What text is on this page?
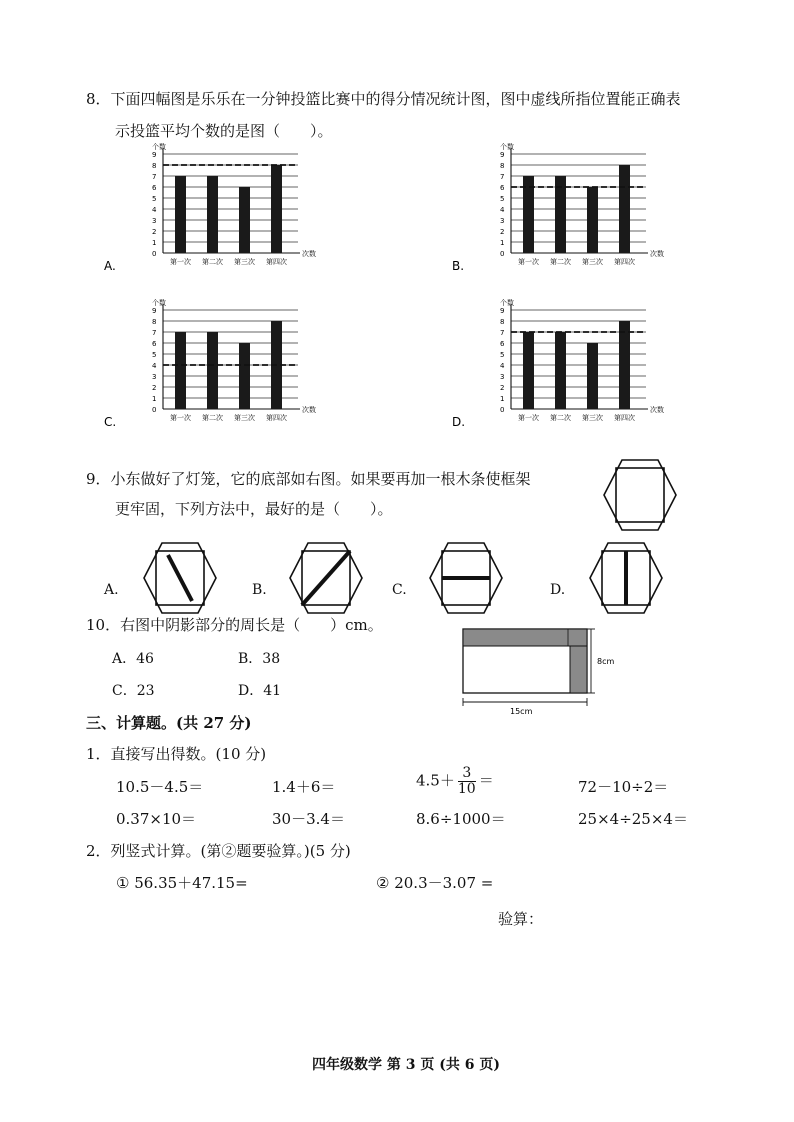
8．下面四幅图是乐乐在一分钟投篮比赛中的得分情况统计图，图中虚线所指位置能正确表
示投篮平均个数的是图（　　）。
A.
个数
0
1
2
3
4
5
6
7
8
9
次数
第一次 第二次 第三次 第四次	B.
个数
0
1
2
3
4
5
6
7
8
9
次数
第一次 第二次 第三次 第四次
C.
个数
0
1
2
3
4
5
6
7
8
9
次数
第一次 第二次 第三次 第四次	D.
个数
0
1
2
3
4
5
6
7
8
9
次数
第一次 第二次 第三次 第四次
9．小东做好了灯笼，它的底部如右图。如果要再加一根木条使框架
更牢固，下列方法中，最好的是（　　）。
A.	B.	C.	D.
10．右图中阴影部分的周长是（　　）cm。
A．46	B．38
C．23	D．41
15cm
8cm
三、计算题。(共 27 分)
1．直接写出得数。(10 分)
10.5－4.5＝	1.4＋6＝	$4.5+ \frac{3}{10}$ ＝	72－10÷2＝
0.37×10＝	30－3.4＝	8.6÷1000＝	25×4÷25×4＝
2．列竖式计算。(第②题要验算。)(5 分)
① 56.35＋47.15=	② 20.3－3.07 =
验算：
四年级数学 第 3 页 (共 6 页)
